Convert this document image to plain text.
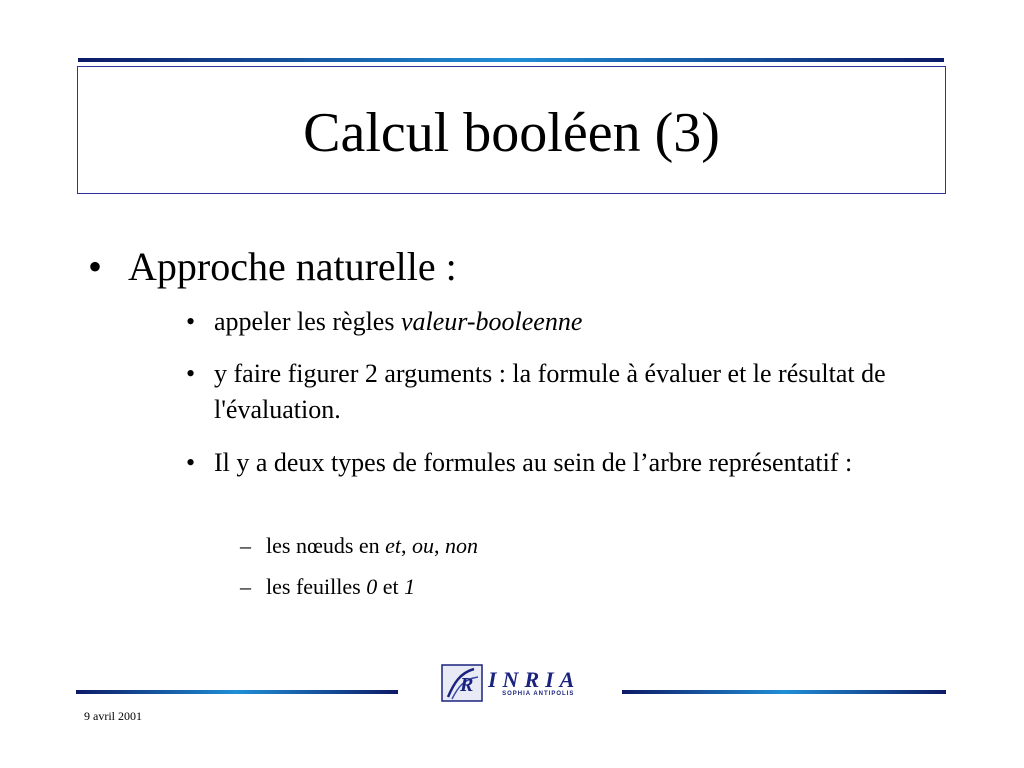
Calcul booléen (3)
• Approche naturelle :
• appeler les règles valeur-booleenne
• y faire figurer 2 arguments : la formule à évaluer et le résultat de l'évaluation.
• Il y a deux types de formules au sein de l’arbre représentatif :
– les nœuds en et, ou, non
– les feuilles 0 et 1
R INRIA
SOPHIA ANTIPOLIS
9 avril 2001
